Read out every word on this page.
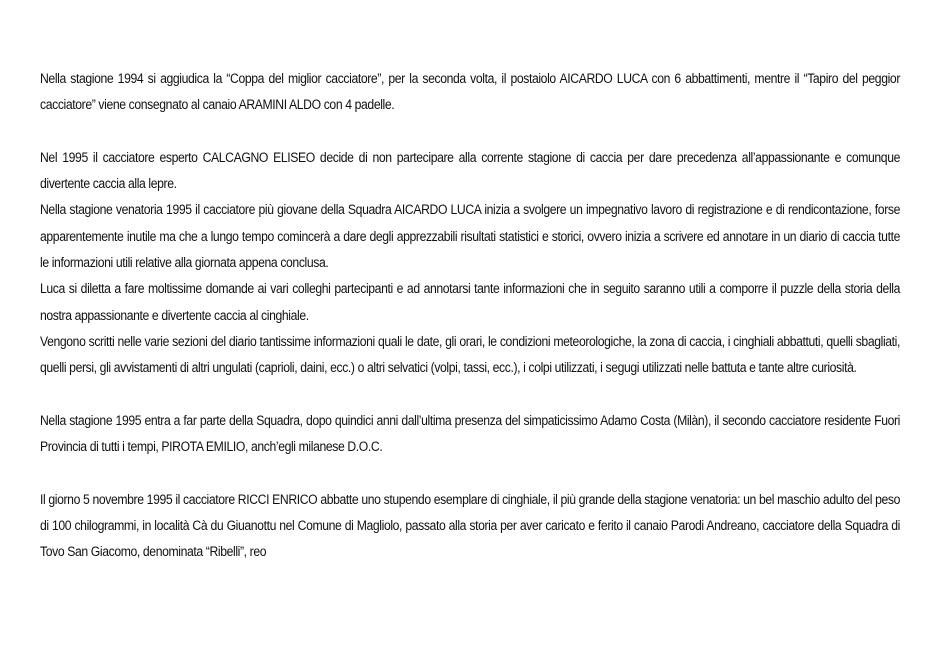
Nella stagione 1994 si aggiudica la “Coppa del miglior cacciatore”, per la seconda volta, il postaiolo AICARDO LUCA con 6 abbattimenti, mentre il “Tapiro del peggior cacciatore” viene consegnato al canaio ARAMINI ALDO con 4 padelle.

Nel 1995 il cacciatore esperto CALCAGNO ELISEO decide di non partecipare alla corrente stagione di caccia per dare precedenza all’appassionante e comunque divertente caccia alla lepre.

Nella stagione venatoria 1995 il cacciatore più giovane della Squadra AICARDO LUCA inizia a svolgere un impegnativo lavoro di registrazione e di rendicontazione, forse apparentemente inutile ma che a lungo tempo comincerà a dare degli apprezzabili risultati statistici e storici, ovvero inizia a scrivere ed annotare in un diario di caccia tutte le informazioni utili relative alla giornata appena conclusa.

Luca si diletta a fare moltissime domande ai vari colleghi partecipanti e ad annotarsi tante informazioni che in seguito saranno utili a comporre il puzzle della storia della nostra appassionante e divertente caccia al cinghiale.

Vengono scritti nelle varie sezioni del diario tantissime informazioni quali le date, gli orari, le condizioni meteorologiche, la zona di caccia, i cinghiali abbattuti, quelli sbagliati, quelli persi, gli avvistamenti di altri ungulati (caprioli, daini, ecc.) o altri selvatici (volpi, tassi, ecc.), i colpi utilizzati, i segugi utilizzati nelle battuta e tante altre curiosità.

Nella stagione 1995 entra a far parte della Squadra, dopo quindici anni dall’ultima presenza del simpaticissimo Adamo Costa (Milàn), il secondo cacciatore residente Fuori Provincia di tutti i tempi, PIROTA EMILIO, anch’egli milanese D.O.C.

Il giorno 5 novembre 1995 il cacciatore RICCI ENRICO abbatte uno stupendo esemplare di cinghiale, il più grande della stagione venatoria: un bel maschio adulto del peso di 100 chilogrammi, in località Cà du Giuanottu nel Comune di Magliolo, passato alla storia per aver caricato e ferito il canaio Parodi Andreano, cacciatore della Squadra di Tovo San Giacomo, denominata “Ribelli”, reo
